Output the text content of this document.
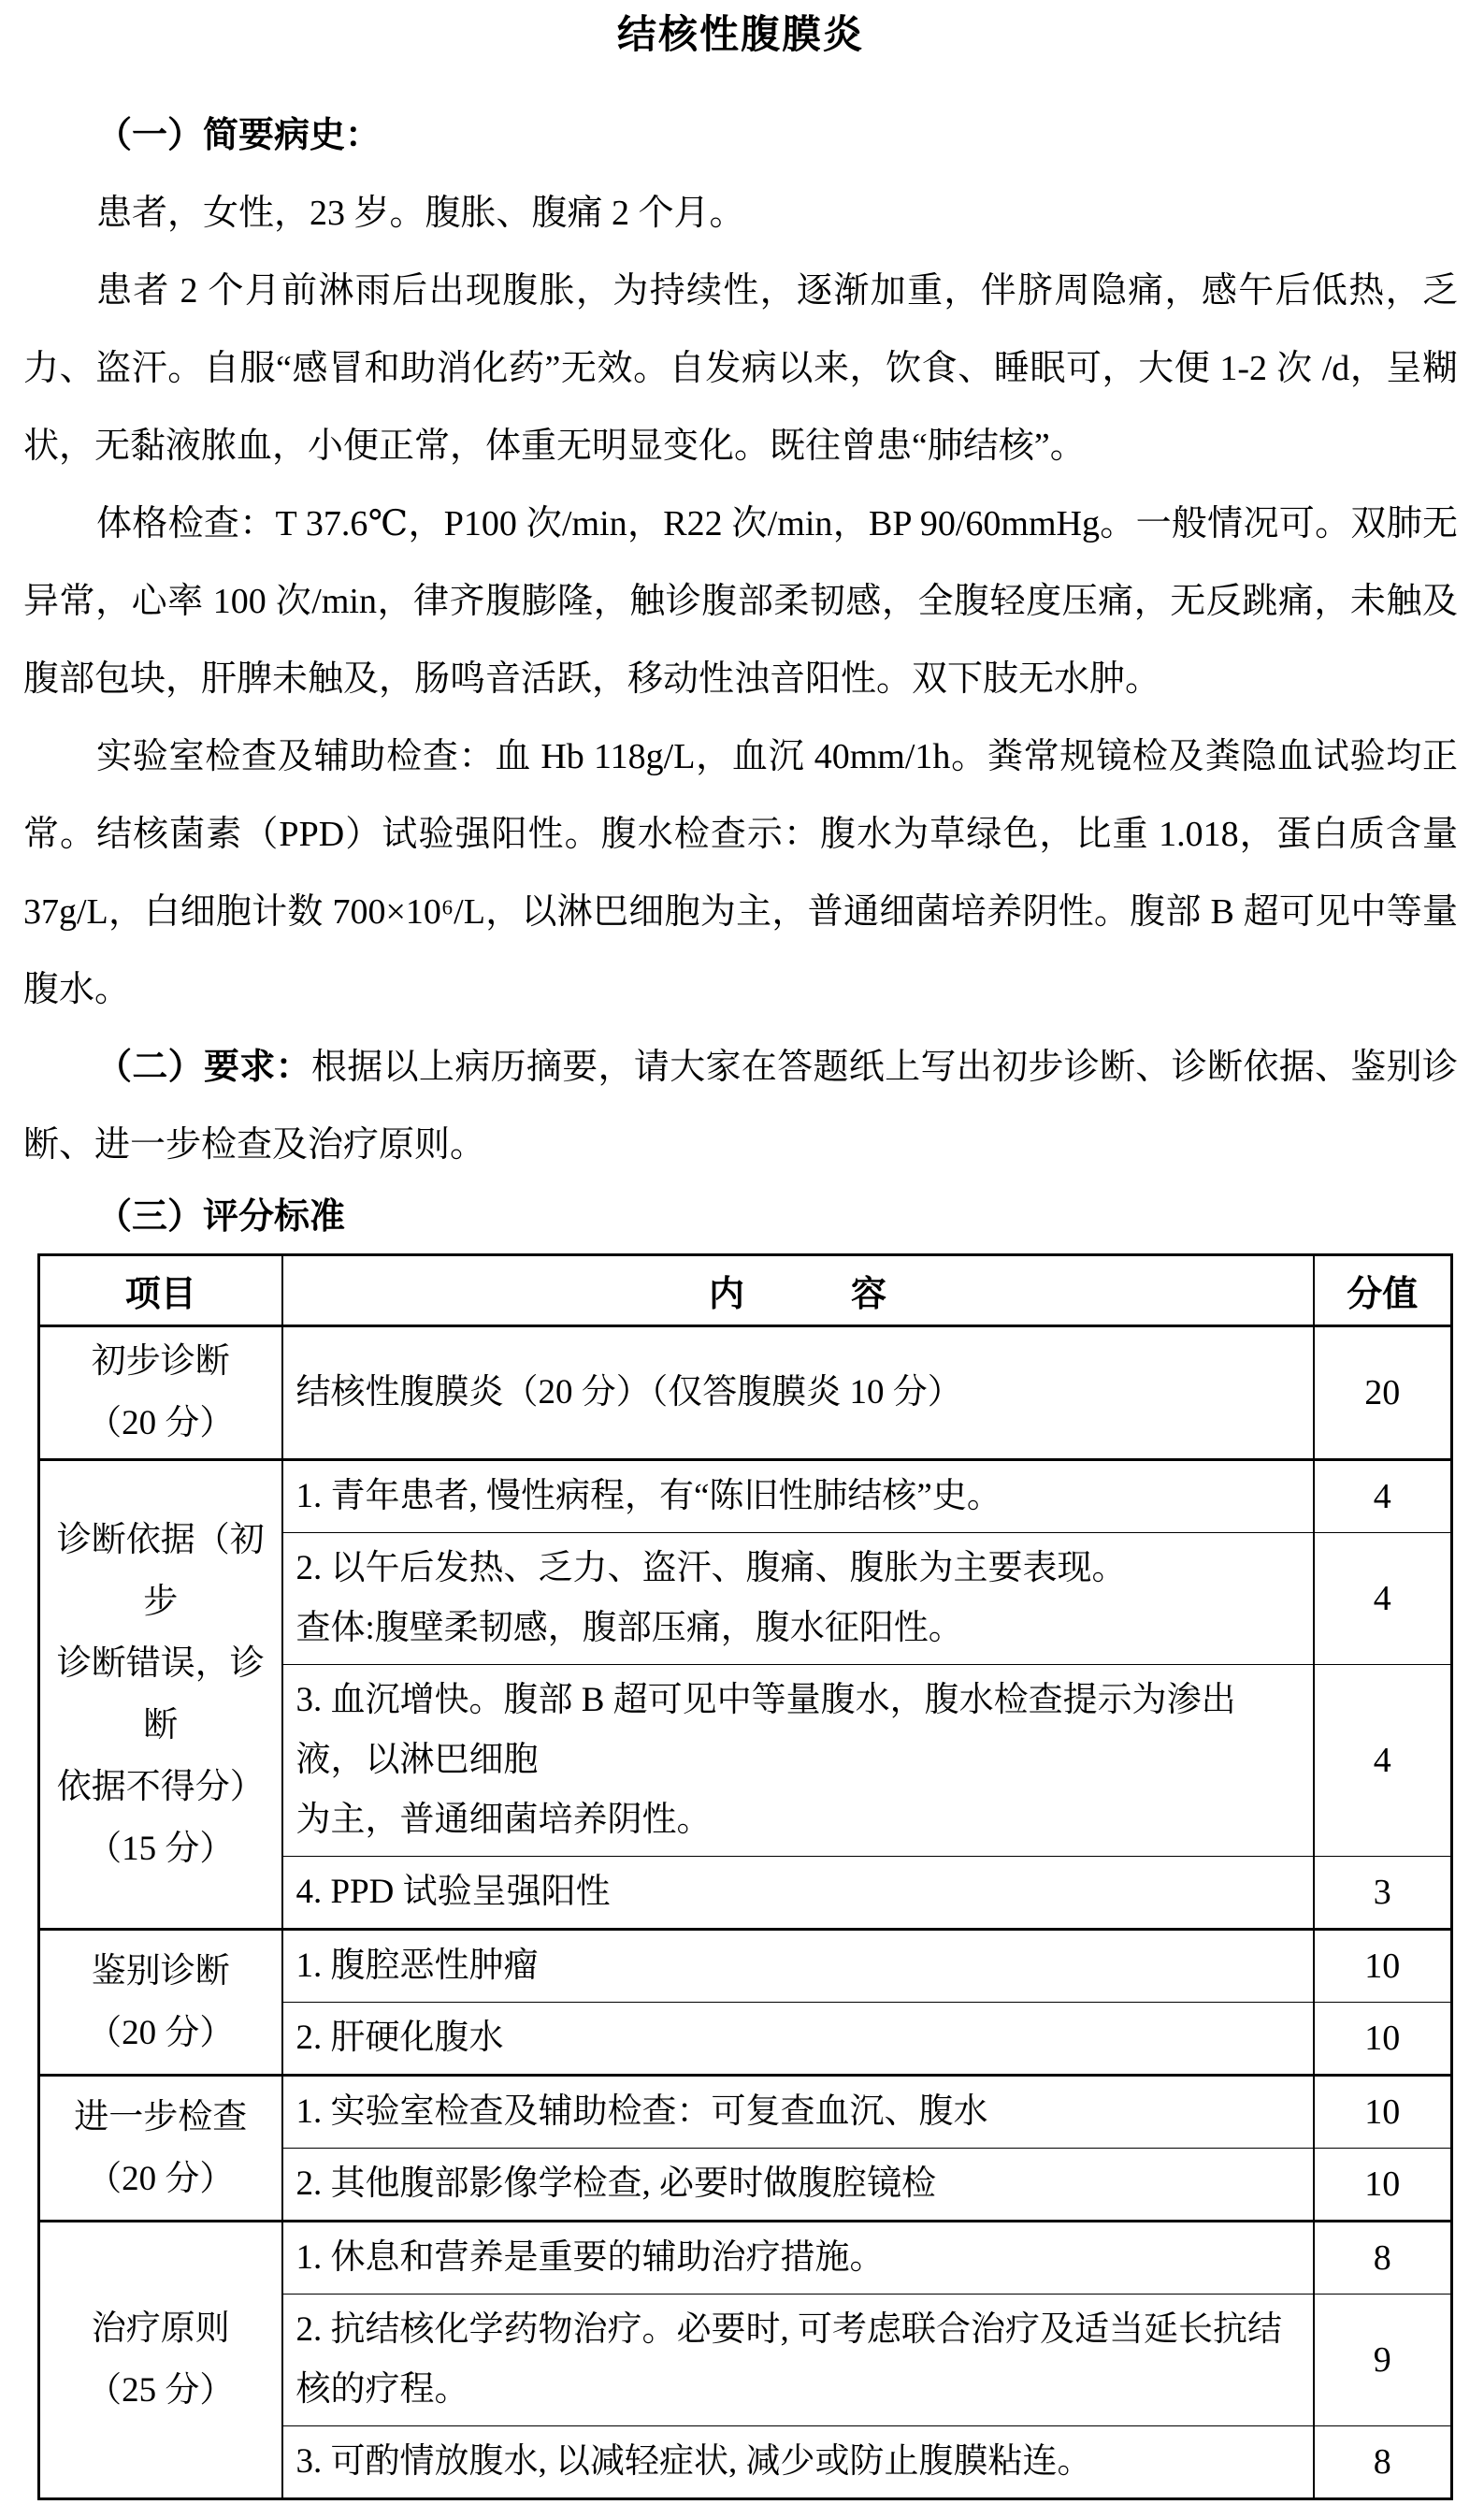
结核性腹膜炎
（一）简要病史：
患者，女性，23 岁。腹胀、腹痛 2 个月。
患者 2 个月前淋雨后出现腹胀，为持续性，逐渐加重，伴脐周隐痛，感午后低热，乏力、盗汗。自服“感冒和助消化药”无效。自发病以来，饮食、睡眠可，大便 1-2 次 /d，呈糊状，无黏液脓血，小便正常，体重无明显变化。既往曾患“肺结核”。
体格检查：T 37.6℃，P100 次/min，R22 次/min，BP 90/60mmHg。一般情况可。双肺无异常，心率 100 次/min，律齐腹膨隆，触诊腹部柔韧感，全腹轻度压痛，无反跳痛，未触及腹部包块，肝脾未触及，肠鸣音活跃，移动性浊音阳性。双下肢无水肿。
实验室检查及辅助检查：血 Hb 118g/L，血沉 40mm/1h。粪常规镜检及粪隐血试验均正常。结核菌素（PPD）试验强阳性。腹水检查示：腹水为草绿色，比重 1.018，蛋白质含量 37g/L，白细胞计数 700×10⁶/L，以淋巴细胞为主，普通细菌培养阴性。腹部 B 超可见中等量腹水。
（二）要求：根据以上病历摘要，请大家在答题纸上写出初步诊断、诊断依据、鉴别诊断、进一步检查及治疗原则。
（三）评分标准
项目	内　　　容	分值

初步诊断
（20 分）	结核性腹膜炎（20 分）（仅答腹膜炎 10 分）	20

诊断依据（初步
诊断错误，诊断
依据不得分）
（15 分）	1. 青年患者, 慢性病程，有“陈旧性肺结核”史。	4

	2. 以午后发热、乏力、盗汗、腹痛、腹胀为主要表现。
查体:腹壁柔韧感，腹部压痛，腹水征阳性。	4

	3. 血沉增快。腹部 B 超可见中等量腹水，腹水检查提示为渗出液，以淋巴细胞
为主，普通细菌培养阴性。	4

	4. PPD 试验呈强阳性	3

鉴别诊断
（20 分）	1. 腹腔恶性肿瘤	10

	2. 肝硬化腹水	10

进一步检查
（20 分）	1. 实验室检查及辅助检查：可复查血沉、腹水	10

	2. 其他腹部影像学检查, 必要时做腹腔镜检	10

治疗原则
（25 分）	1. 休息和营养是重要的辅助治疗措施。	8

	2. 抗结核化学药物治疗。必要时, 可考虑联合治疗及适当延长抗结核的疗程。	9

	3. 可酌情放腹水, 以减轻症状, 减少或防止腹膜粘连。	8
